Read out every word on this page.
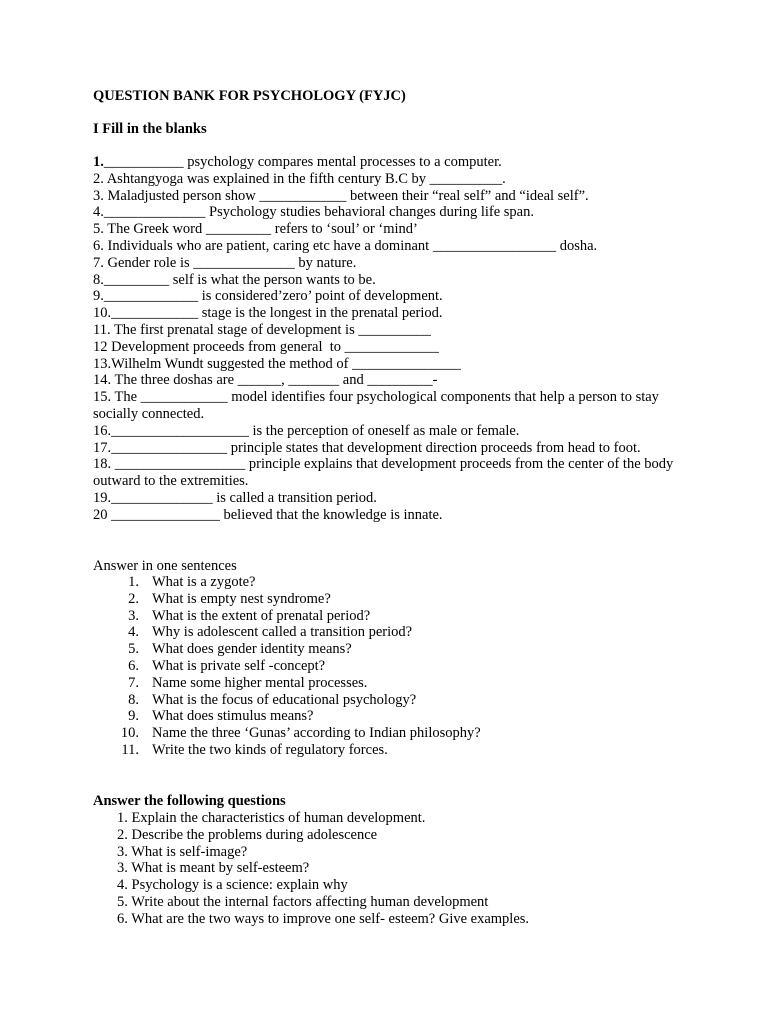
QUESTION BANK FOR PSYCHOLOGY (FYJC)
I Fill in the blanks
1.___________ psychology compares mental processes to a computer.
2. Ashtangyoga was explained in the fifth century B.C by __________.
3. Maladjusted person show ____________ between their “real self” and “ideal self”.
4.______________ Psychology studies behavioral changes during life span.
5. The Greek word _________ refers to ‘soul’ or ‘mind’
6. Individuals who are patient, caring etc have a dominant _________________ dosha.
7. Gender role is ______________ by nature.
8._________ self is what the person wants to be.
9._____________ is considered’zero’ point of development.
10.____________ stage is the longest in the prenatal period.
11. The first prenatal stage of development is __________
12 Development proceeds from general  to _____________
13.Wilhelm Wundt suggested the method of _______________
14. The three doshas are ______, _______ and _________-
15. The ____________ model identifies four psychological components that help a person to stay socially connected.
16.___________________ is the perception of oneself as male or female.
17.________________ principle states that development direction proceeds from head to foot.
18. __________________ principle explains that development proceeds from the center of the body outward to the extremities.
19.______________ is called a transition period.
20 _______________ believed that the knowledge is innate.
Answer in one sentences
1. What is a zygote?
2. What is empty nest syndrome?
3. What is the extent of prenatal period?
4. Why is adolescent called a transition period?
5. What does gender identity means?
6. What is private self -concept?
7. Name some higher mental processes.
8. What is the focus of educational psychology?
9. What does stimulus means?
10. Name the three ‘Gunas’ according to Indian philosophy?
11. Write the two kinds of regulatory forces.
Answer the following questions
1. Explain the characteristics of human development.
2. Describe the problems during adolescence
3. What is self-image?
3. What is meant by self-esteem?
4. Psychology is a science: explain why
5. Write about the internal factors affecting human development
6. What are the two ways to improve one self- esteem? Give examples.
